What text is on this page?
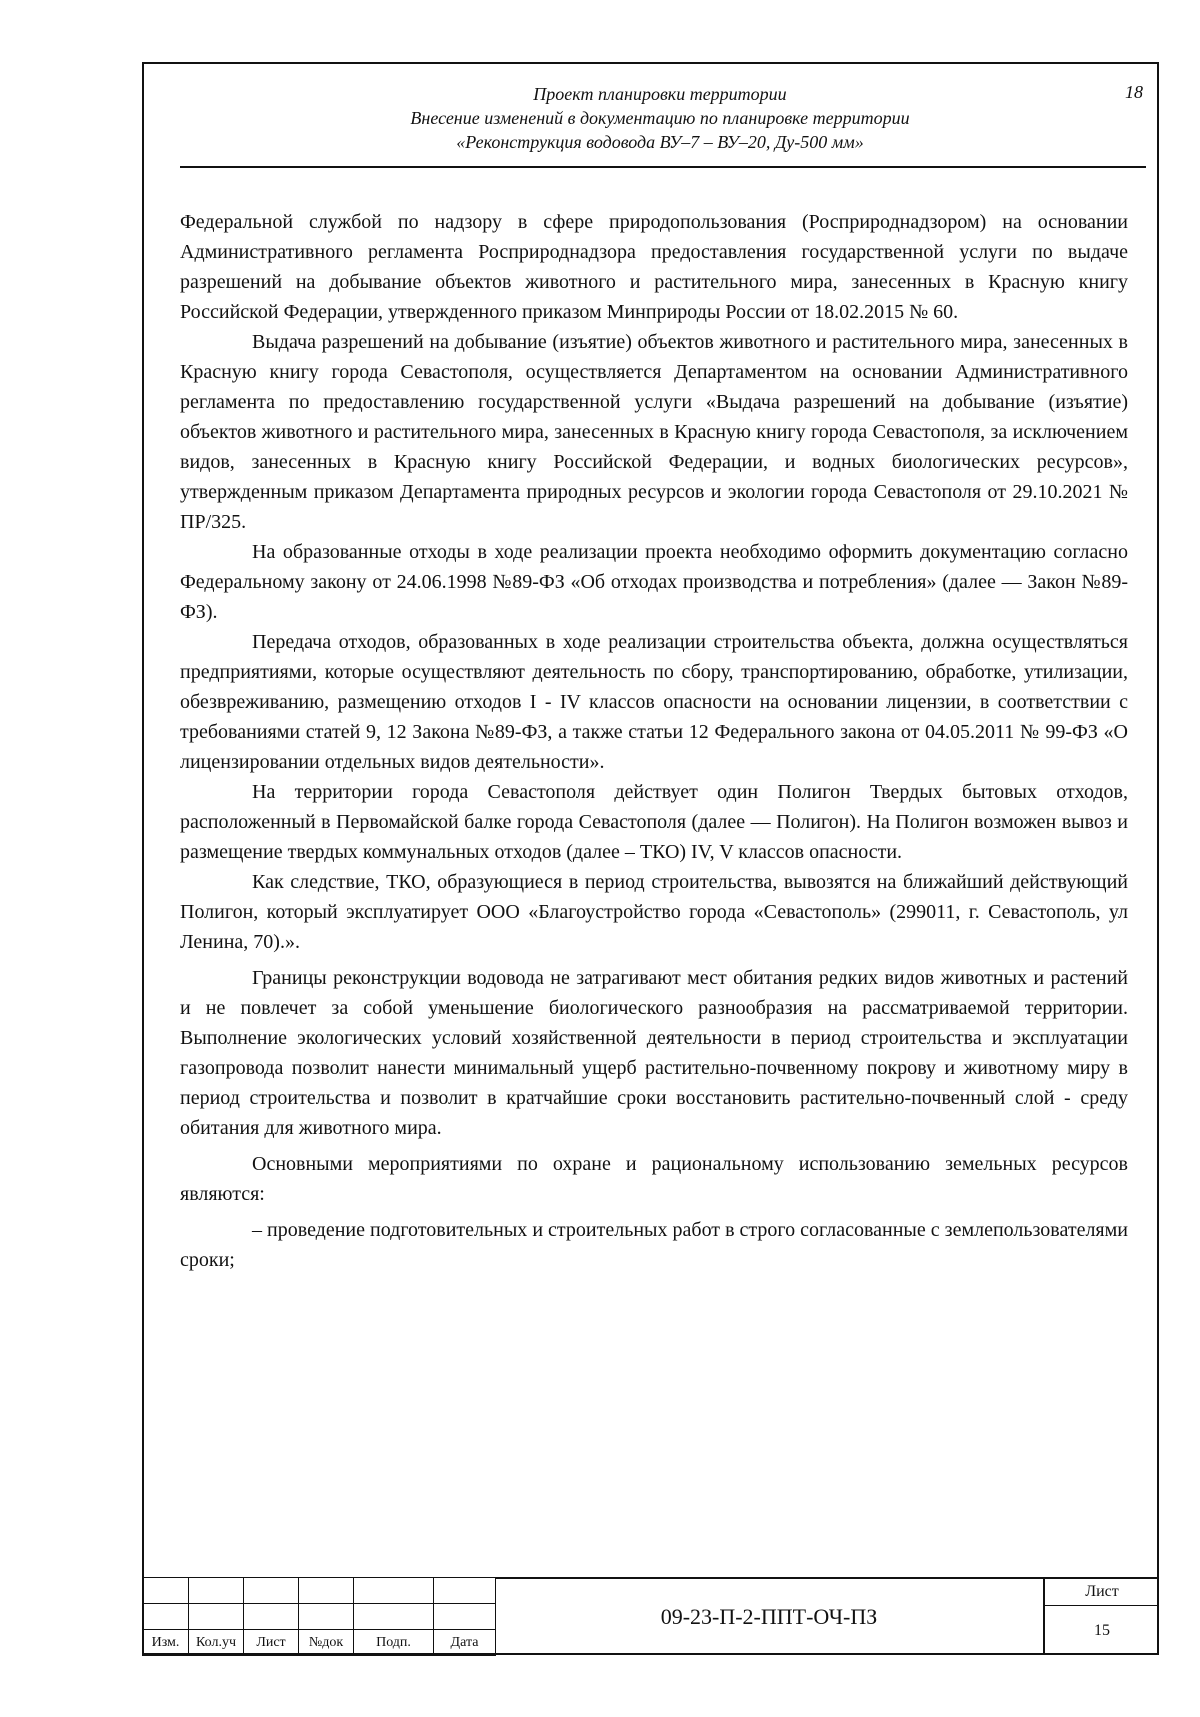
Проект планировки территории
Внесение изменений в документацию по планировке территории
«Реконструкция водовода ВУ–7 – ВУ–20, Ду-500 мм»
18

Федеральной службой по надзору в сфере природопользования (Росприроднадзором) на основании Административного регламента Росприроднадзора предоставления государственной услуги по выдаче разрешений на добывание объектов животного и растительного мира, занесенных в Красную книгу Российской Федерации, утвержденного приказом Минприроды России от 18.02.2015 № 60.

Выдача разрешений на добывание (изъятие) объектов животного и растительного мира, занесенных в Красную книгу города Севастополя, осуществляется Департаментом на основании Административного регламента по предоставлению государственной услуги «Выдача разрешений на добывание (изъятие) объектов животного и растительного мира, занесенных в Красную книгу города Севастополя, за исключением видов, занесенных в Красную книгу Российской Федерации, и водных биологических ресурсов», утвержденным приказом Департамента природных ресурсов и экологии города Севастополя от 29.10.2021 № ПР/325.

На образованные отходы в ходе реализации проекта необходимо оформить документацию согласно Федеральному закону от 24.06.1998 №89-ФЗ «Об отходах производства и потребления» (далее — Закон №89-ФЗ).

Передача отходов, образованных в ходе реализации строительства объекта, должна осуществляться предприятиями, которые осуществляют деятельность по сбору, транспортированию, обработке, утилизации, обезвреживанию, размещению отходов I - IV классов опасности на основании лицензии, в соответствии с требованиями статей 9, 12 Закона №89-ФЗ, а также статьи 12 Федерального закона от 04.05.2011 № 99-ФЗ «О лицензировании отдельных видов деятельности».

На территории города Севастополя действует один Полигон Твердых бытовых отходов, расположенный в Первомайской балке города Севастополя (далее — Полигон). На Полигон возможен вывоз и размещение твердых коммунальных отходов (далее – ТКО) IV, V классов опасности.

Как следствие, ТКО, образующиеся в период строительства, вывозятся на ближайший действующий Полигон, который эксплуатирует ООО «Благоустройство города «Севастополь» (299011, г. Севастополь, ул Ленина, 70).».

Границы реконструкции водовода не затрагивают мест обитания редких видов животных и растений и не повлечет за собой уменьшение биологического разнообразия на рассматриваемой территории. Выполнение экологических условий хозяйственной деятельности в период строительства и эксплуатации газопровода позволит нанести минимальный ущерб растительно-почвенному покрову и животному миру в период строительства и позволит в кратчайшие сроки восстановить растительно-почвенный слой - среду обитания для животного мира.

Основными мероприятиями по охране и рациональному использованию земельных ресурсов являются:

– проведение подготовительных и строительных работ в строго согласованные с землепользователями сроки;

Изм.	Кол.уч	Лист	№док	Подп.	Дата
09-23-П-2-ППТ-ОЧ-ПЗ
Лист
15
